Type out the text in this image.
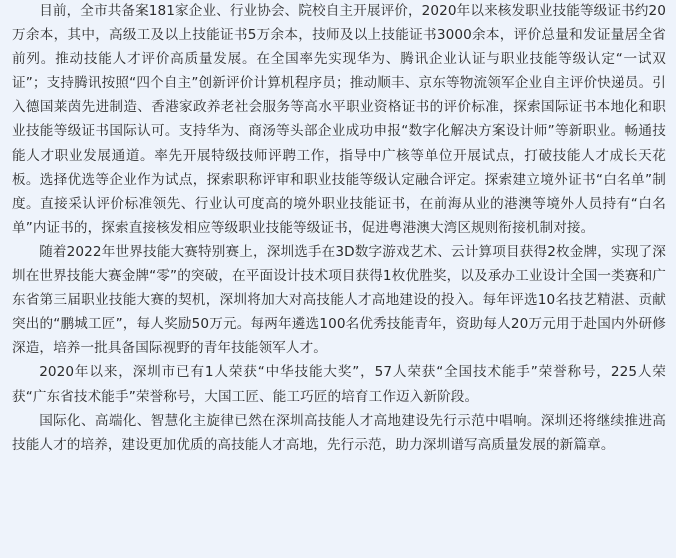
目前，全市共备案181家企业、行业协会、院校自主开展评价，2020年以来核发职业技能等级证书约20万余本，其中，高级工及以上技能证书5万余本，技师及以上技能证书3000余本，评价总量和发证量居全省前列。推动技能人才评价高质量发展。在全国率先实现华为、腾讯企业认证与职业技能等级认定“一试双证”；支持腾讯按照“四个自主”创新评价计算机程序员；推动顺丰、京东等物流领军企业自主评价快递员。引入德国莱茵先进制造、香港家政养老社会服务等高水平职业资格证书的评价标准，探索国际证书本地化和职业技能等级证书国际认可。支持华为、商汤等头部企业成功申报“数字化解决方案设计师”等新职业。畅通技能人才职业发展通道。率先开展特级技师评聘工作，指导中广核等单位开展试点，打破技能人才成长天花板。选择优选等企业作为试点，探索职称评审和职业技能等级认定融合评定。探索建立境外证书“白名单”制度。直接采认评价标准领先、行业认可度高的境外职业技能证书，在前海从业的港澳等境外人员持有“白名单”内证书的，探索直接核发相应等级职业技能等级证书，促进粤港澳大湾区规则衔接机制对接。

随着2022年世界技能大赛特别赛上，深圳选手在3D数字游戏艺术、云计算项目获得2枚金牌，实现了深圳在世界技能大赛金牌“零”的突破，在平面设计技术项目获得1枚优胜奖，以及承办工业设计全国一类赛和广东省第三届职业技能大赛的契机，深圳将加大对高技能人才高地建设的投入。每年评选10名技艺精湛、贡献突出的“鹏城工匠”，每人奖励50万元。每两年遴选100名优秀技能青年，资助每人20万元用于赴国内外研修深造，培养一批具备国际视野的青年技能领军人才。

2020年以来，深圳市已有1人荣获“中华技能大奖”，57人荣获“全国技术能手”荣誉称号，225人荣获“广东省技术能手”荣誉称号，大国工匠、能工巧匠的培育工作迈入新阶段。

国际化、高端化、智慧化主旋律已然在深圳高技能人才高地建设先行示范中唱响。深圳还将继续推进高技能人才的培养，建设更加优质的高技能人才高地，先行示范，助力深圳谱写高质量发展的新篇章。
